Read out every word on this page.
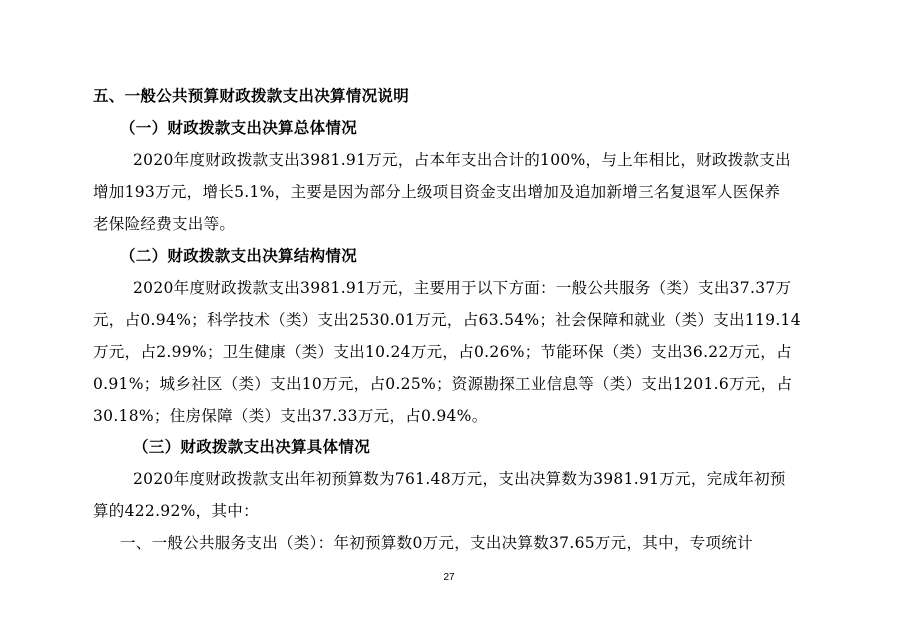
五、一般公共预算财政拨款支出决算情况说明
（一）财政拨款支出决算总体情况
2020年度财政拨款支出3981.91万元，占本年支出合计的100%，与上年相比，财政拨款支出
增加193万元，增长5.1%，主要是因为部分上级项目资金支出增加及追加新增三名复退军人医保养
老保险经费支出等。
（二）财政拨款支出决算结构情况
2020年度财政拨款支出3981.91万元，主要用于以下方面：一般公共服务（类）支出37.37万
元，占0.94%；科学技术（类）支出2530.01万元，占63.54%；社会保障和就业（类）支出119.14
万元，占2.99%；卫生健康（类）支出10.24万元，占0.26%；节能环保（类）支出36.22万元，占
0.91%；城乡社区（类）支出10万元，占0.25%；资源勘探工业信息等（类）支出1201.6万元，占
30.18%；住房保障（类）支出37.33万元，占0.94%。
（三）财政拨款支出决算具体情况
2020年度财政拨款支出年初预算数为761.48万元，支出决算数为3981.91万元，完成年初预
算的422.92%，其中：
一、一般公共服务支出（类）：年初预算数0万元，支出决算数37.65万元，其中，专项统计
27
